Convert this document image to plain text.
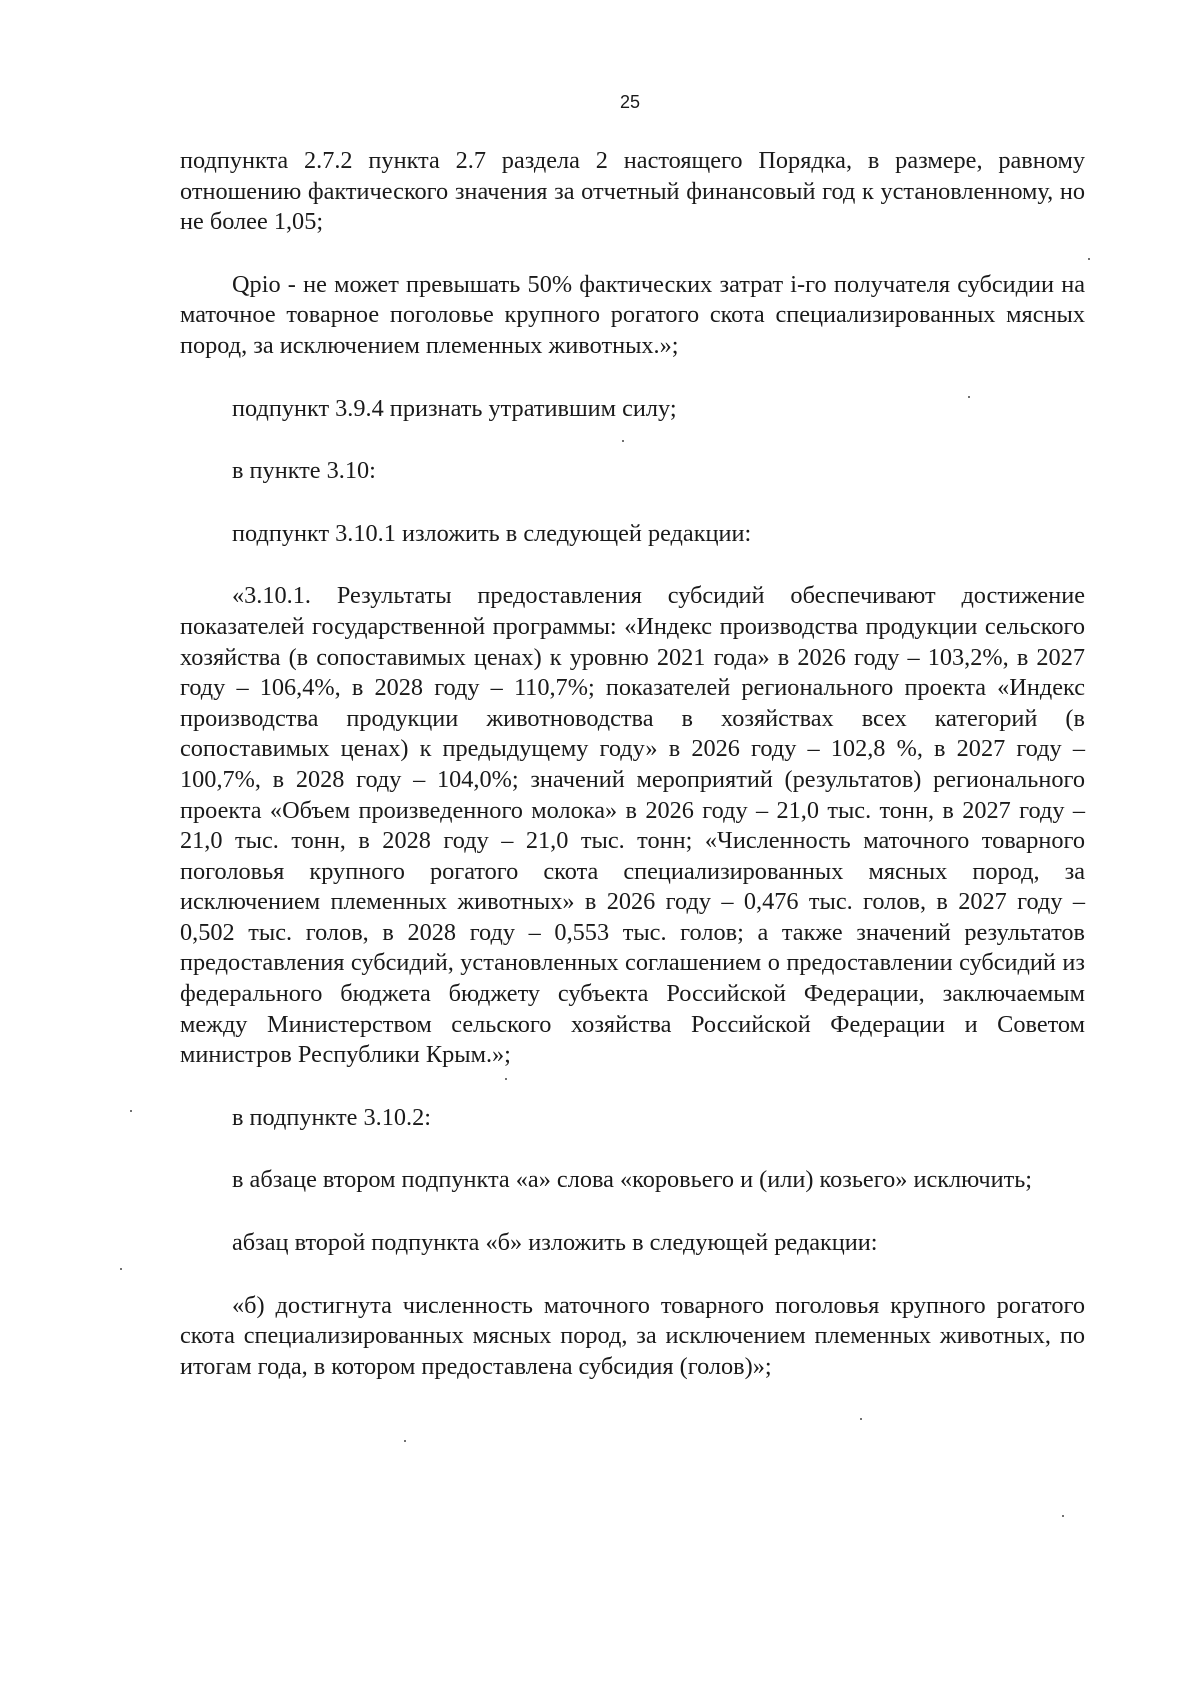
25

подпункта 2.7.2 пункта 2.7 раздела 2 настоящего Порядка, в размере, равному отношению фактического значения за отчетный финансовый год к установленному, но не более 1,05;

Qpio - не может превышать 50% фактических затрат i-го получателя субсидии на маточное товарное поголовье крупного рогатого скота специализированных мясных пород, за исключением племенных животных.»;

подпункт 3.9.4 признать утратившим силу;

в пункте 3.10:

подпункт 3.10.1 изложить в следующей редакции:

«3.10.1. Результаты предоставления субсидий обеспечивают достижение показателей государственной программы: «Индекс производства продукции сельского хозяйства (в сопоставимых ценах) к уровню 2021 года» в 2026 году – 103,2%, в 2027 году – 106,4%, в 2028 году – 110,7%; показателей регионального проекта «Индекс производства продукции животноводства в хозяйствах всех категорий (в сопоставимых ценах) к предыдущему году» в 2026 году – 102,8 %, в 2027 году – 100,7%, в 2028 году – 104,0%; значений мероприятий (результатов) регионального проекта «Объем произведенного молока» в 2026 году – 21,0 тыс. тонн, в 2027 году – 21,0 тыс. тонн, в 2028 году – 21,0 тыс. тонн; «Численность маточного товарного поголовья крупного рогатого скота специализированных мясных пород, за исключением племенных животных» в 2026 году – 0,476 тыс. голов, в 2027 году – 0,502 тыс. голов, в 2028 году – 0,553 тыс. голов; а также значений результатов предоставления субсидий, установленных соглашением о предоставлении субсидий из федерального бюджета бюджету субъекта Российской Федерации, заключаемым между Министерством сельского хозяйства Российской Федерации и Советом министров Республики Крым.»;

в подпункте 3.10.2:

в абзаце втором подпункта «а» слова «коровьего и (или) козьего» исключить;

абзац второй подпункта «б» изложить в следующей редакции:

«б) достигнута численность маточного товарного поголовья крупного рогатого скота специализированных мясных пород, за исключением племенных животных, по итогам года, в котором предоставлена субсидия (голов)»;
